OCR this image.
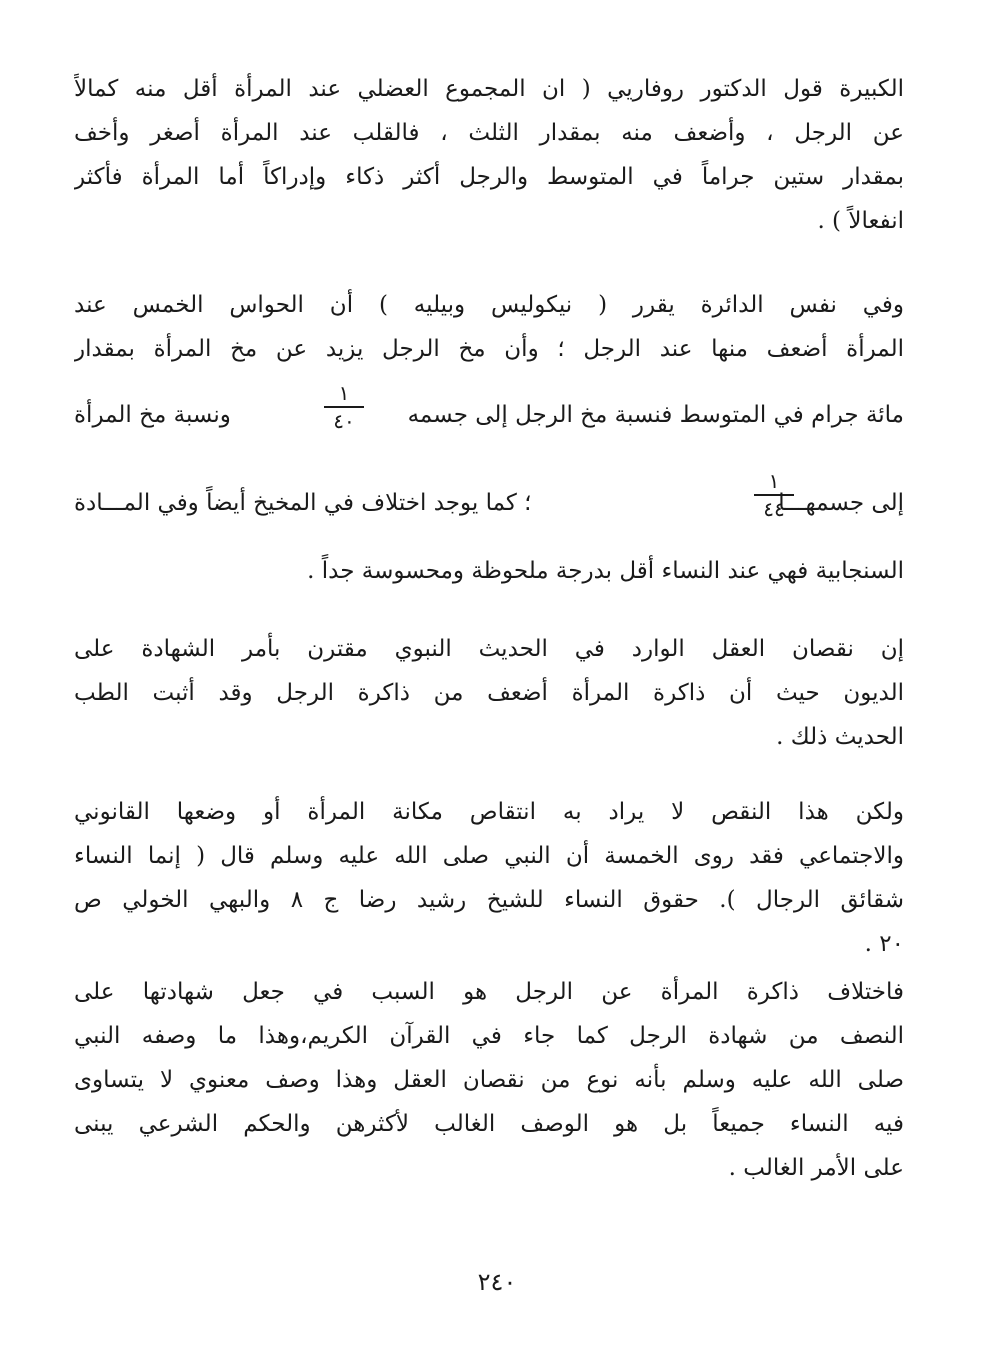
الكبيرة قول الدكتور روفاريي ( ان المجموع العضلي عند المرأة أقل منه كمالاً
عن الرجل ، وأضعف منه بمقدار الثلث ، فالقلب عند المرأة أصغر وأخف
بمقدار ستين جراماً في المتوسط والرجل أكثر ذكاء وإدراكاً أما المرأة فأكثر
انفعالاً ) .
وفي نفس الدائرة يقرر ( نيكوليس وبيليه ) أن الحواس الخمس عند
المرأة أضعف منها عند الرجل ؛ وأن مخ الرجل يزيد عن مخ المرأة بمقدار
مائة جرام في المتوسط فنسبة مخ الرجل إلى جسمه
١
٤٠
ونسبة مخ المرأة
إلى جسمهـــا
١
٤٤
؛ كما يوجد اختلاف في المخيخ أيضاً وفي المـــادة
السنجابية فهي عند النساء أقل بدرجة ملحوظة ومحسوسة جداً .
إن نقصان العقل الوارد في الحديث النبوي مقترن بأمر الشهادة على
الديون حيث أن ذاكرة المرأة أضعف من ذاكرة الرجل وقد أثبت الطب
الحديث ذلك .
ولكن هذا النقص لا يراد به انتقاص مكانة المرأة أو وضعها القانوني
والاجتماعي فقد روى الخمسة أن النبي صلى الله عليه وسلم قال ( إنما النساء
شقائق الرجال ). حقوق النساء للشيخ رشيد رضا ج ٨ والبهي الخولي ص
٢٠ .
فاختلاف ذاكرة المرأة عن الرجل هو السبب في جعل شهادتها على
النصف من شهادة الرجل كما جاء في القرآن الكريم،وهذا ما وصفه النبي
صلى الله عليه وسلم بأنه نوع من نقصان العقل وهذا وصف معنوي لا يتساوى
فيه النساء جميعاً بل هو الوصف الغالب لأكثرهن والحكم الشرعي يبنى
على الأمر الغالب .
٢٤٠
